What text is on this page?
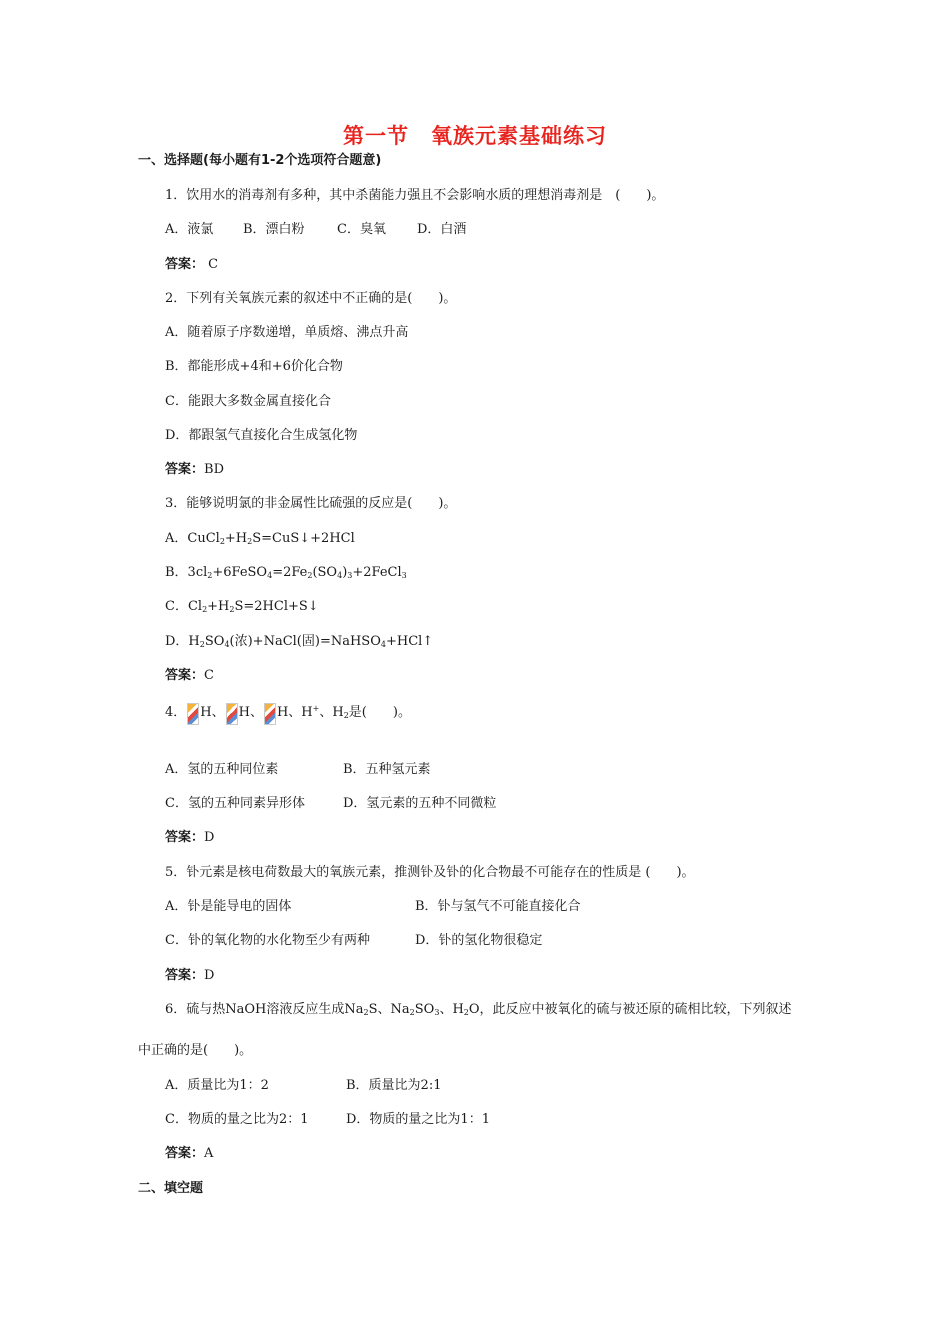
第一节　氧族元素基础练习
一、选择题(每小题有1-2个选项符合题意)
1．饮用水的消毒剂有多种，其中杀菌能力强且不会影响水质的理想消毒剂是　(　　)。
A．液氯 B．漂白粉 C．臭氧 D．白酒
答案： C
2．下列有关氧族元素的叙述中不正确的是(　　)。
A．随着原子序数递增，单质熔、沸点升高
B．都能形成+4和+6价化合物
C．能跟大多数金属直接化合
D．都跟氢气直接化合生成氢化物
答案：BD
3．能够说明氯的非金属性比硫强的反应是(　　)。
A．$CuCl_2+H_2S=CuS↓+2HCl$
B．$3cl_2+6FeSO_4=2Fe_2(SO_4)_3+2FeCl_3$
C．$Cl_2+H_2S=2HCl+S↓$
D．$H_2SO_4$(浓)+NaCl(固)=NaHSO$_4$+HCl↑
答案：C
4． H、 H、 H、H+、$H_2$是(　　)。
A．氢的五种同位素	B．五种氢元素
C．氢的五种同素异形体	D．氢元素的五种不同微粒
答案：D
5．钋元素是核电荷数最大的氧族元素，推测钋及钋的化合物最不可能存在的性质是 (　　)。
A．钋是能导电的固体	B．钋与氢气不可能直接化合
C．钋的氧化物的水化物至少有两种	D．钋的氢化物很稳定
答案：D
6．硫与热NaOH溶液反应生成$Na_2S$、$Na_2SO_3$、$H_2O$，此反应中被氧化的硫与被还原的硫相比较，下列叙述
中正确的是(　　)。
A．质量比为1：2	B．质量比为2:1
C．物质的量之比为2：1	D．物质的量之比为1：1
答案：A
二、填空题
